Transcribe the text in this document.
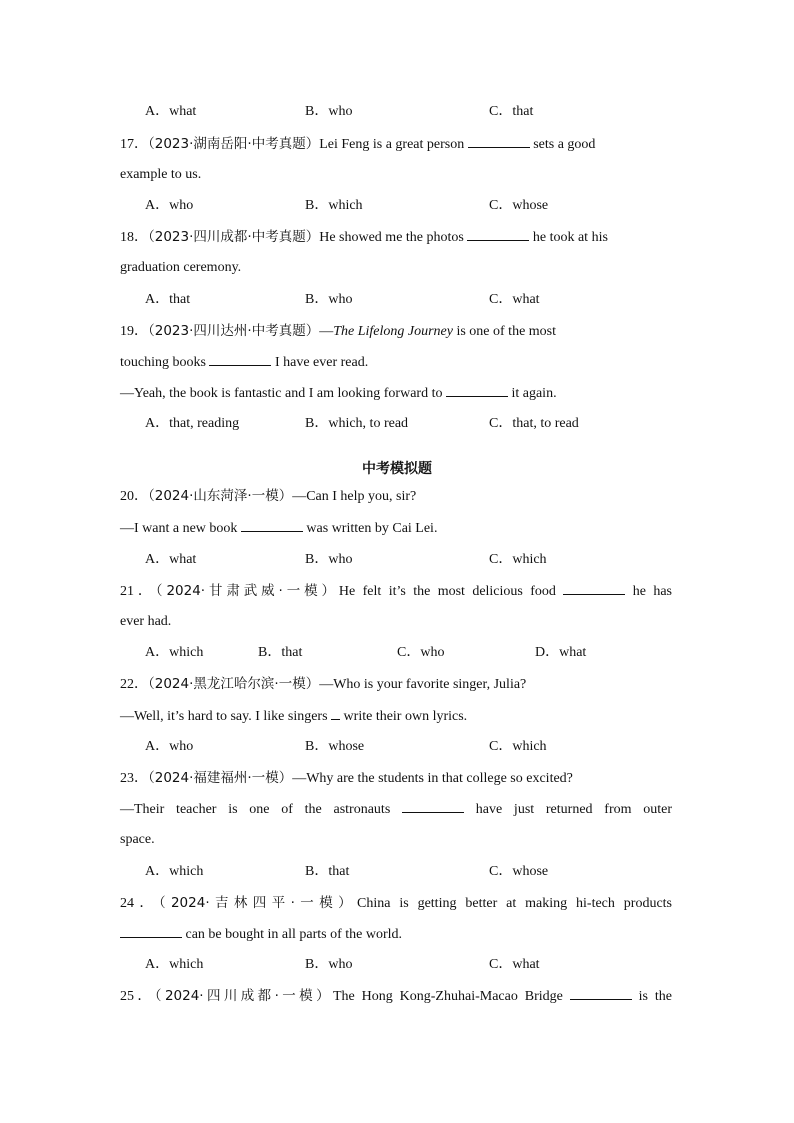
A．what	B．who	C．that
17．（2023·湖南岳阳·中考真题）Lei Feng is a great person	sets a good
example to us.
A．who	B．which	C．whose
18．（2023·四川成都·中考真题）He showed me the photos	he took at his
graduation ceremony.
A．that	B．who	C．what
19．（2023·四川达州·中考真题）—The Lifelong Journey is one of the most
touching books	I have ever read.
—Yeah, the book is fantastic and I am looking forward to	it again.
A．that, reading	B．which, to read	C．that, to read
中考模拟题
20．（2024·山东菏泽·一模）—Can I help you, sir?
—I want a new book	was written by Cai Lei.
A．what	B．who	C．which
21．（2024·甘肃武威·一模）He felt it’s the most delicious food	he has
ever had.
A．which	B．that	C．who	D．what
22．（2024·黑龙江哈尔滨·一模）—Who is your favorite singer, Julia?
—Well, it’s hard to say. I like singers  write their own lyrics.
A．who	B．whose	C．which
23．（2024·福建福州·一模）—Why are the students in that college so excited?
—Their teacher is one of the astronauts	have just returned from outer
space.
A．which	B．that	C．whose
24．（2024·吉林四平·一模）China is getting better at making hi-tech products
can be bought in all parts of the world.
A．which	B．who	C．what
25．（2024·四川成都·一模）The Hong Kong-Zhuhai-Macao Bridge	is the
